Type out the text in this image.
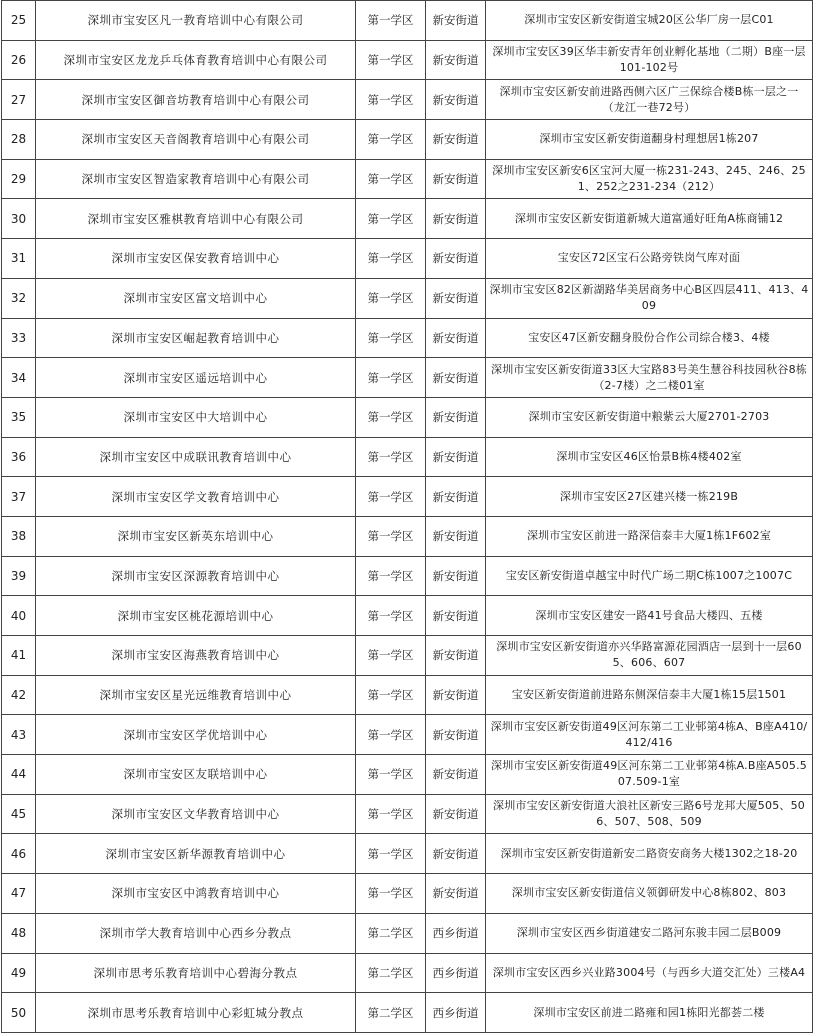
25	深圳市宝安区凡一教育培训中心有限公司	第一学区	新安街道	深圳市宝安区新安街道宝城20区公华厂房一层C01
26	深圳市宝安区龙龙乒乓体育教育培训中心有限公司	第一学区	新安街道	深圳市宝安区39区华丰新安青年创业孵化基地（二期）B座一层101-102号
27	深圳市宝安区御音坊教育培训中心有限公司	第一学区	新安街道	深圳市宝安区新安前进路西侧六区广三保综合楼B栋一层之一（龙江一巷72号）
28	深圳市宝安区天音阁教育培训中心有限公司	第一学区	新安街道	深圳市宝安区新安街道翻身村理想居1栋207
29	深圳市宝安区智造家教育培训中心有限公司	第一学区	新安街道	深圳市宝安区新安6区宝河大厦一栋231-243、245、246、251、252之231-234（212）
30	深圳市宝安区雅棋教育培训中心有限公司	第一学区	新安街道	深圳市宝安区新安街道新城大道富通好旺角A栋商铺12
31	深圳市宝安区保安教育培训中心	第一学区	新安街道	宝安区72区宝石公路旁铁岗气库对面
32	深圳市宝安区富文培训中心	第一学区	新安街道	深圳市宝安区82区新湖路华美居商务中心B区四层411、413、409
33	深圳市宝安区崛起教育培训中心	第一学区	新安街道	宝安区47区新安翻身股份合作公司综合楼3、4楼
34	深圳市宝安区遥远培训中心	第一学区	新安街道	深圳市宝安区新安街道33区大宝路83号美生慧谷科技园秋谷8栋（2-7楼）之二楼01室
35	深圳市宝安区中大培训中心	第一学区	新安街道	深圳市宝安区新安街道中粮紫云大厦2701-2703
36	深圳市宝安区中成联讯教育培训中心	第一学区	新安街道	深圳市宝安区46区怡景B栋4楼402室
37	深圳市宝安区学文教育培训中心	第一学区	新安街道	深圳市宝安区27区建兴楼一栋219B
38	深圳市宝安区新英东培训中心	第一学区	新安街道	深圳市宝安区前进一路深信泰丰大厦1栋1F602室
39	深圳市宝安区深源教育培训中心	第一学区	新安街道	宝安区新安街道卓越宝中时代广场二期C栋1007之1007C
40	深圳市宝安区桃花源培训中心	第一学区	新安街道	深圳市宝安区建安一路41号食品大楼四、五楼
41	深圳市宝安区海燕教育培训中心	第一学区	新安街道	深圳市宝安区新安街道亦兴华路富源花园酒店一层到十一层605、606、607
42	深圳市宝安区星光远维教育培训中心	第一学区	新安街道	宝安区新安街道前进路东侧深信泰丰大厦1栋15层1501
43	深圳市宝安区学优培训中心	第一学区	新安街道	深圳市宝安区新安街道49区河东第二工业邨第4栋A、B座A410/412/416
44	深圳市宝安区友联培训中心	第一学区	新安街道	深圳市宝安区新安街道49区河东第二工业邨第4栋A.B座A505.507.509-1室
45	深圳市宝安区文华教育培训中心	第一学区	新安街道	深圳市宝安区新安街道大浪社区新安三路6号龙邦大厦505、506、507、508、509
46	深圳市宝安区新华源教育培训中心	第一学区	新安街道	深圳市宝安区新安街道新安二路资安商务大楼1302之18-20
47	深圳市宝安区中鸿教育培训中心	第一学区	新安街道	深圳市宝安区新安街道信义领御研发中心8栋802、803
48	深圳市学大教育培训中心西乡分教点	第二学区	西乡街道	深圳市宝安区西乡街道建安二路河东骏丰园二层B009
49	深圳市思考乐教育培训中心碧海分教点	第二学区	西乡街道	深圳市宝安区西乡兴业路3004号（与西乡大道交汇处）三楼A4
50	深圳市思考乐教育培训中心彩虹城分教点	第二学区	西乡街道	深圳市宝安区前进二路雍和园1栋阳光都荟二楼
